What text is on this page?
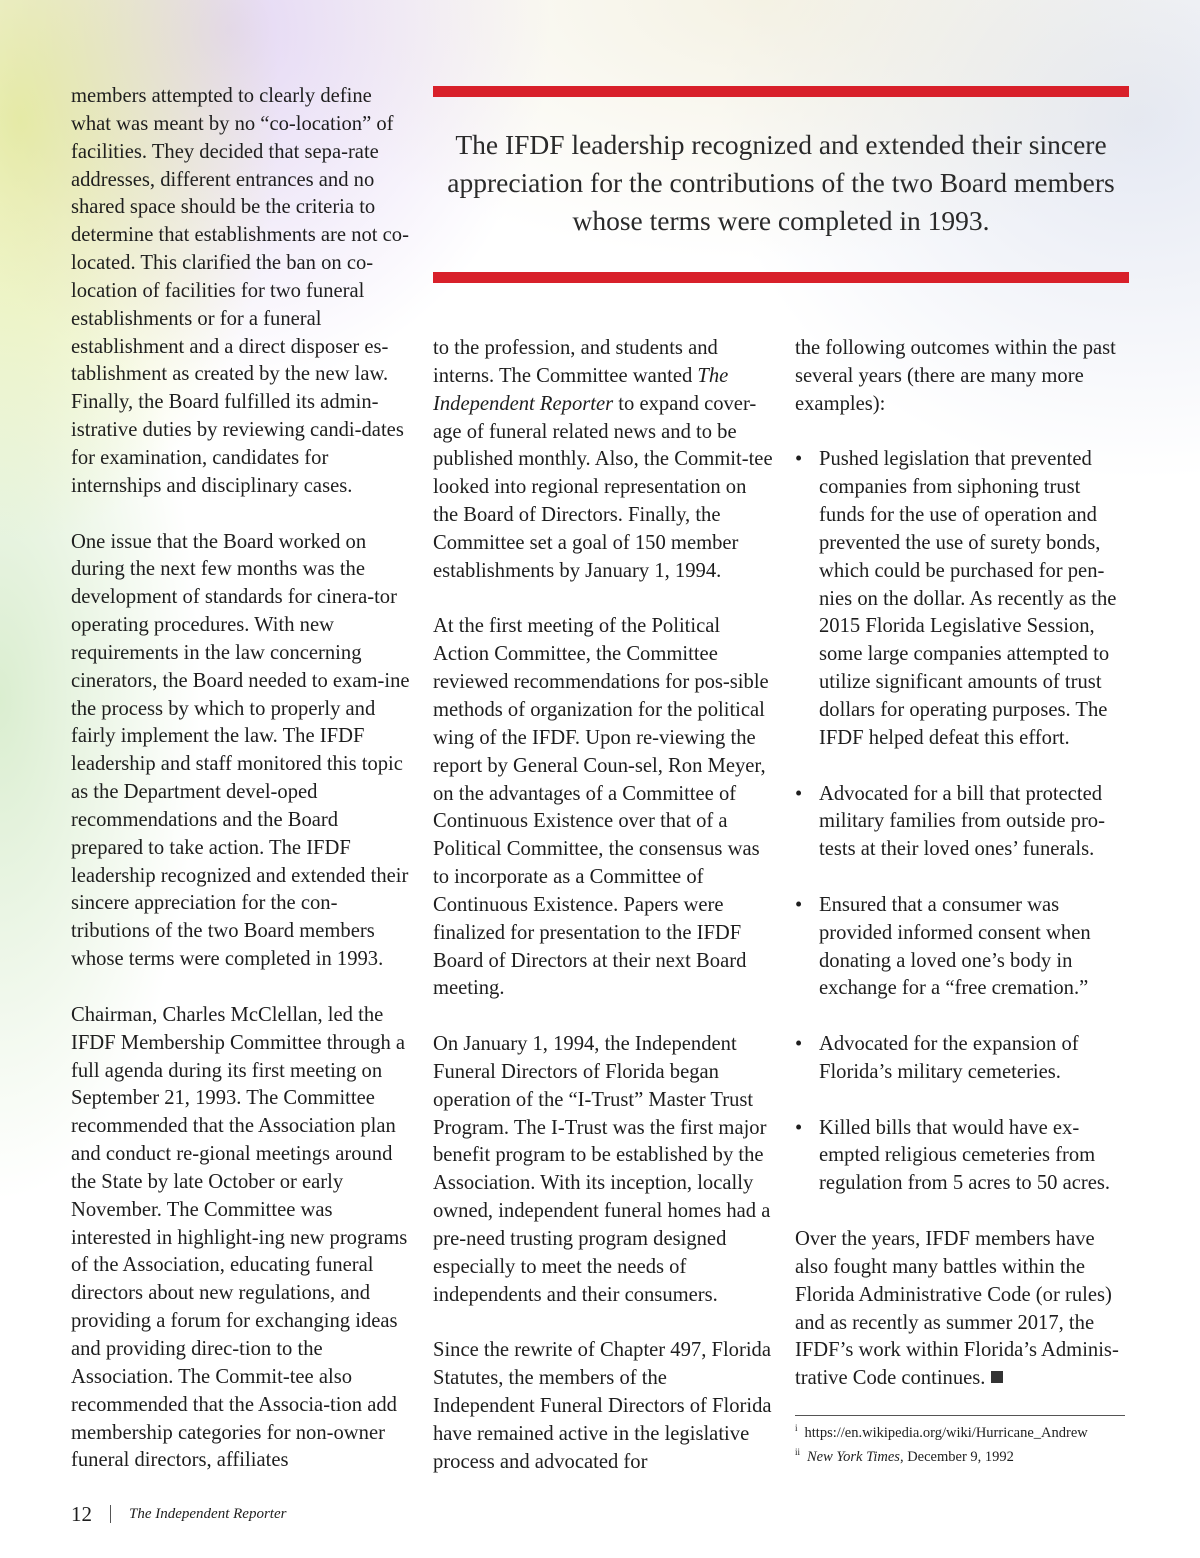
The IFDF leadership recognized and extended their sincere appreciation for the contributions of the two Board members whose terms were completed in 1993.

members attempted to clearly define what was meant by no “co-location” of facilities. They decided that sepa-rate addresses, different entrances and no shared space should be the criteria to determine that establishments are not co-located. This clarified the ban on co-location of facilities for two funeral establishments or for a funeral establishment and a direct disposer es-tablishment as created by the new law. Finally, the Board fulfilled its admin-istrative duties by reviewing candi-dates for examination, candidates for internships and disciplinary cases.

One issue that the Board worked on during the next few months was the development of standards for cinera-tor operating procedures. With new requirements in the law concerning cinerators, the Board needed to exam-ine the process by which to properly and fairly implement the law. The IFDF leadership and staff monitored this topic as the Department devel-oped recommendations and the Board prepared to take action. The IFDF leadership recognized and extended their sincere appreciation for the con-tributions of the two Board members whose terms were completed in 1993.

Chairman, Charles McClellan, led the IFDF Membership Committee through a full agenda during its first meeting on September 21, 1993. The Committee recommended that the Association plan and conduct re-gional meetings around the State by late October or early November. The Committee was interested in highlight-ing new programs of the Association, educating funeral directors about new regulations, and providing a forum for exchanging ideas and providing direc-tion to the Association. The Commit-tee also recommended that the Associa-tion add membership categories for non-owner funeral directors, affiliates

to the profession, and students and interns. The Committee wanted The Independent Reporter to expand cover-age of funeral related news and to be published monthly. Also, the Commit-tee looked into regional representation on the Board of Directors. Finally, the Committee set a goal of 150 member establishments by January 1, 1994.

At the first meeting of the Political Action Committee, the Committee reviewed recommendations for pos-sible methods of organization for the political wing of the IFDF. Upon re-viewing the report by General Coun-sel, Ron Meyer, on the advantages of a Committee of Continuous Existence over that of a Political Committee, the consensus was to incorporate as a Committee of Continuous Existence. Papers were finalized for presentation to the IFDF Board of Directors at their next Board meeting.

On January 1, 1994, the Independent Funeral Directors of Florida began operation of the “I-Trust” Master Trust Program. The I-Trust was the first major benefit program to be established by the Association. With its inception, locally owned, independent funeral homes had a pre-need trusting program designed especially to meet the needs of independents and their consumers.

Since the rewrite of Chapter 497, Florida Statutes, the members of the Independent Funeral Directors of Florida have remained active in the legislative process and advocated for

the following outcomes within the past several years (there are many more examples):

• Pushed legislation that prevented companies from siphoning trust funds for the use of operation and prevented the use of surety bonds, which could be purchased for pen-nies on the dollar. As recently as the 2015 Florida Legislative Session, some large companies attempted to utilize significant amounts of trust dollars for operating purposes. The IFDF helped defeat this effort.
• Advocated for a bill that protected military families from outside pro-tests at their loved ones’ funerals.
• Ensured that a consumer was provided informed consent when donating a loved one’s body in exchange for a “free cremation.”
• Advocated for the expansion of Florida’s military cemeteries.
• Killed bills that would have ex-empted religious cemeteries from regulation from 5 acres to 50 acres.

Over the years, IFDF members have also fought many battles within the Florida Administrative Code (or rules) and as recently as summer 2017, the IFDF’s work within Florida’s Adminis-trative Code continues.

$^i$ https://en.wikipedia.org/wiki/Hurricane_Andrew
$^{ii}$ New York Times, December 9, 1992
12 The Independent Reporter
